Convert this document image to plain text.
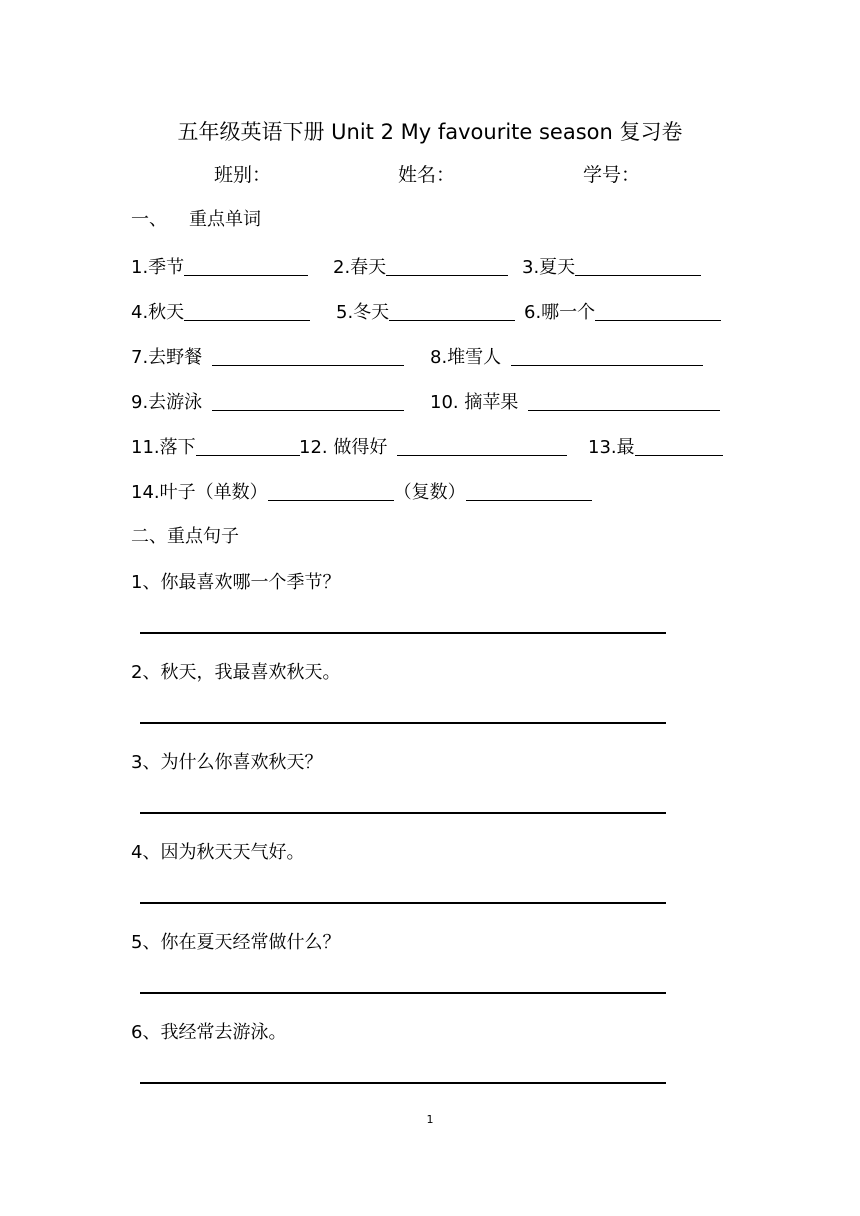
五年级英语下册 Unit 2 My favourite season 复习卷
班别：	姓名：	学号：
一、 重点单词
1.季节	2.春天	3.夏天
4.秋天	5.冬天	6.哪一个
7.去野餐	8.堆雪人
9.去游泳	10. 摘苹果
11.落下	12. 做得好	13.最
14.叶子（单数）	（复数）
二、重点句子
1、你最喜欢哪一个季节？
2、秋天，我最喜欢秋天。
3、为什么你喜欢秋天？
4、因为秋天天气好。
5、你在夏天经常做什么？
6、我经常去游泳。
1
